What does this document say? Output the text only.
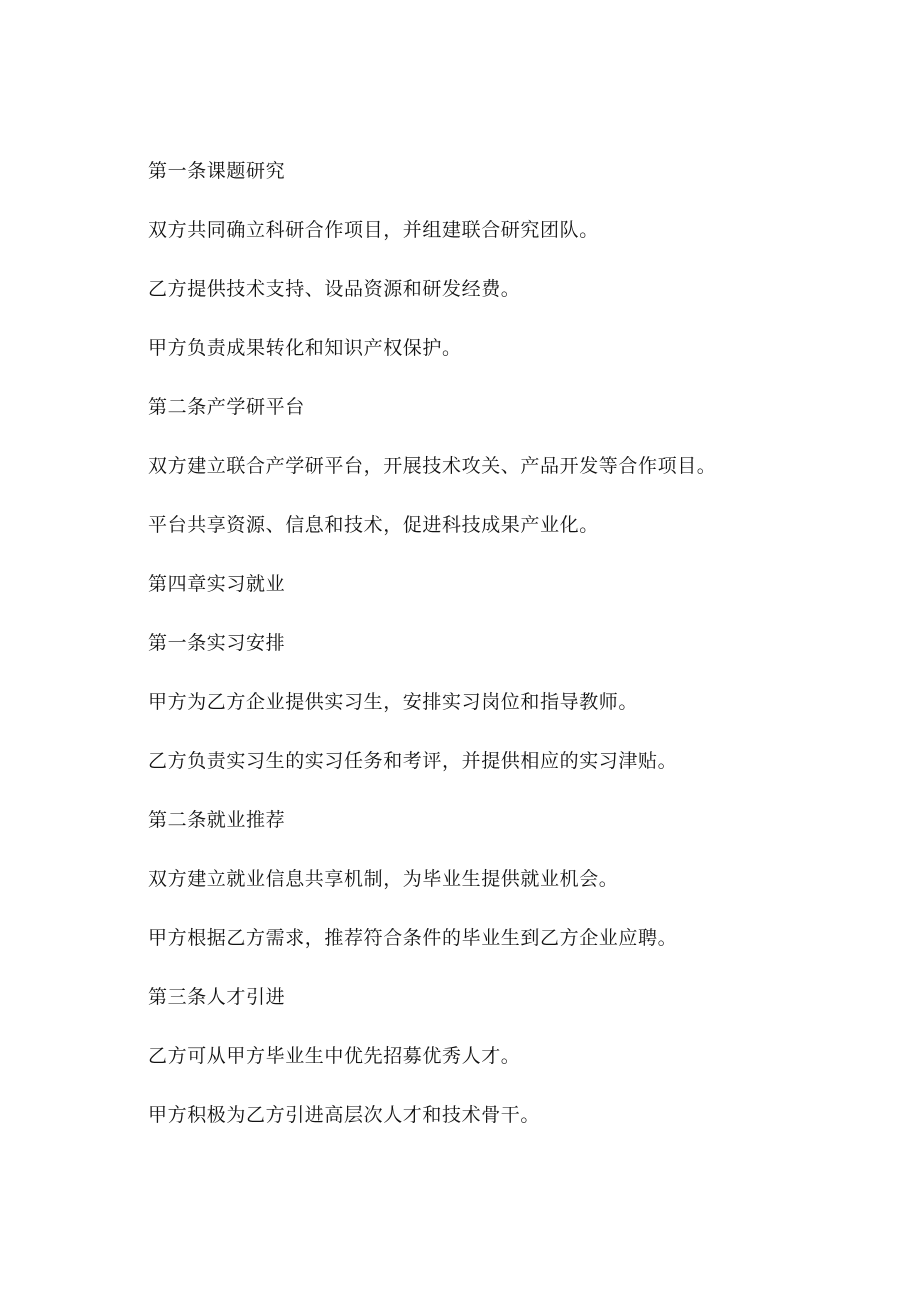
第一条课题研究

双方共同确立科研合作项目，并组建联合研究团队。

乙方提供技术支持、设品资源和研发经费。

甲方负责成果转化和知识产权保护。

第二条产学研平台

双方建立联合产学研平台，开展技术攻关、产品开发等合作项目。

平台共享资源、信息和技术，促进科技成果产业化。

第四章实习就业

第一条实习安排

甲方为乙方企业提供实习生，安排实习岗位和指导教师。

乙方负责实习生的实习任务和考评，并提供相应的实习津贴。

第二条就业推荐

双方建立就业信息共享机制，为毕业生提供就业机会。

甲方根据乙方需求，推荐符合条件的毕业生到乙方企业应聘。

第三条人才引进

乙方可从甲方毕业生中优先招募优秀人才。

甲方积极为乙方引进高层次人才和技术骨干。
